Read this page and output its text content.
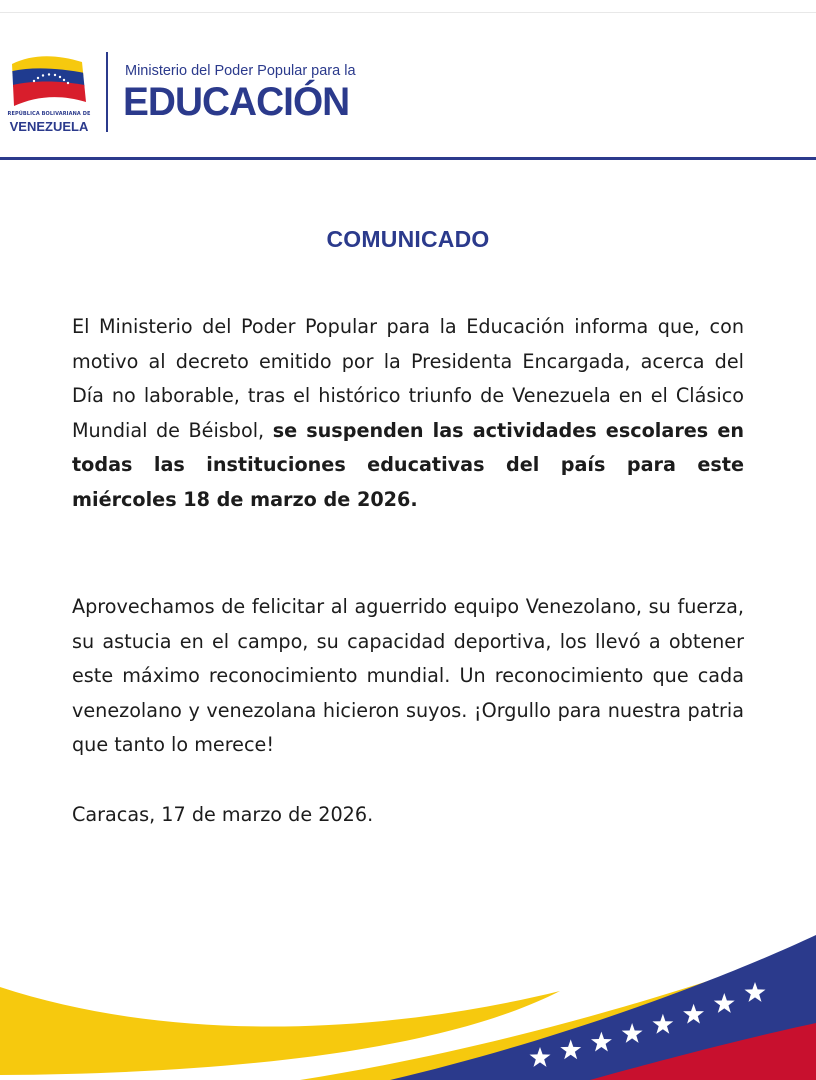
REPÚBLICA BOLIVARIANA DE
VENEZUELA
Ministerio del Poder Popular para la
EDUCACIÓN
COMUNICADO

El Ministerio del Poder Popular para la Educación informa que, con motivo al decreto emitido por la Presidenta Encargada, acerca del Día no laborable, tras el histórico triunfo de Venezuela en el Clásico Mundial de Béisbol, se suspenden las actividades escolares en todas las instituciones educativas del país para este miércoles 18 de marzo de 2026.

Aprovechamos de felicitar al aguerrido equipo Venezolano, su fuerza, su astucia en el campo, su capacidad deportiva, los llevó a obtener este máximo reconocimiento mundial. Un reconocimiento que cada venezolano y venezolana hicieron suyos. ¡Orgullo para nuestra patria que tanto lo merece!

Caracas, 17 de marzo de 2026.
